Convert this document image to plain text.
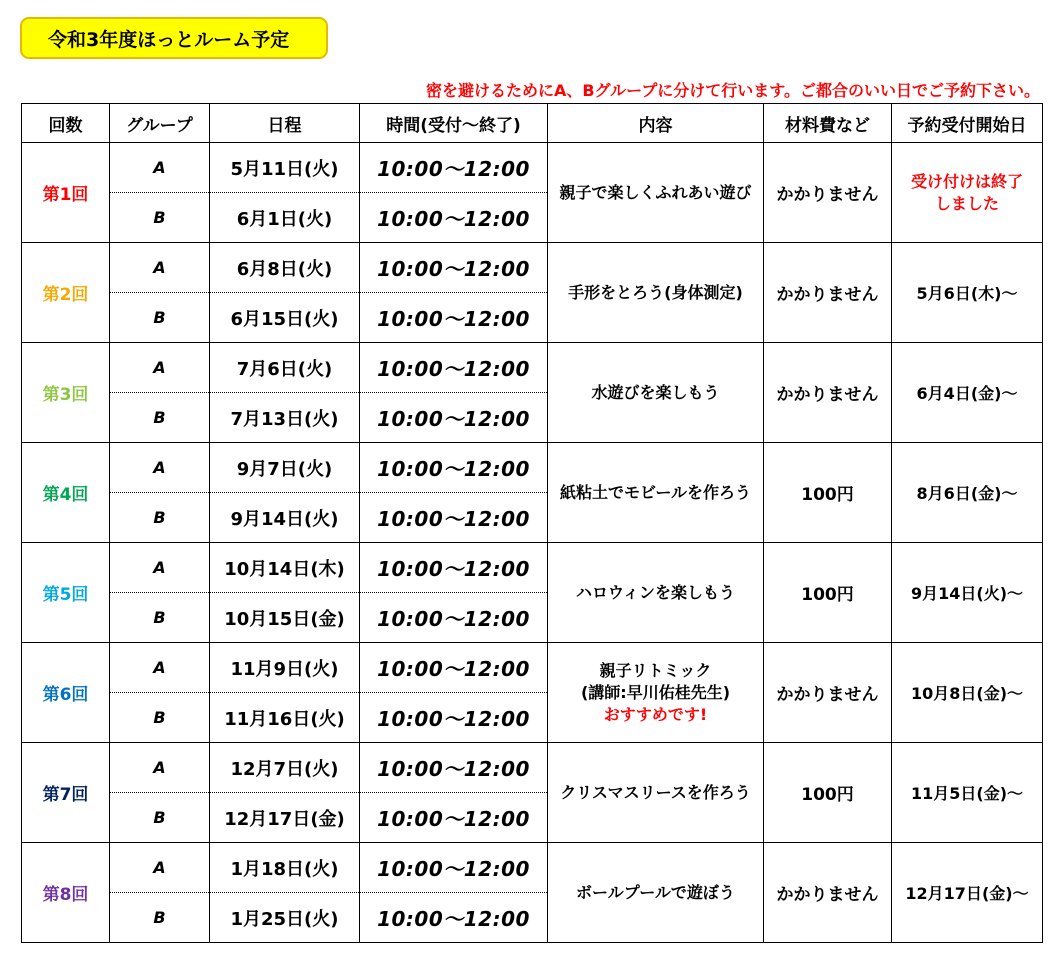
令和3年度ほっとルーム予定
密を避けるためにA、Bグループに分けて行います。ご都合のいい日でご予約下さい。
回数	グループ	日程	時間(受付～終了)	内容	材料費など	予約受付開始日
第1回	A	5月11日(火)	10:00～12:00	親子で楽しくふれあい遊び	かかりません	受け付けは終了しました

	B	6月1日(火)	10:00～12:00			
第2回	A	6月8日(火)	10:00～12:00	手形をとろう(身体測定)	かかりません	5月6日(木)～
	B	6月15日(火)	10:00～12:00			
第3回	A	7月6日(火)	10:00～12:00	水遊びを楽しもう	かかりません	6月4日(金)～
	B	7月13日(火)	10:00～12:00			
第4回	A	9月7日(火)	10:00～12:00	紙粘土でモビールを作ろう	100円	8月6日(金)～
	B	9月14日(火)	10:00～12:00			
第5回	A	10月14日(木)	10:00～12:00	ハロウィンを楽しもう	100円	9月14日(火)～
	B	10月15日(金)	10:00～12:00			
第6回	A	11月9日(火)	10:00～12:00	親子リトミック
(講師:早川佑桂先生)
おすすめです!	かかりません	10月8日(金)～
	B	11月16日(火)	10:00～12:00			
第7回	A	12月7日(火)	10:00～12:00	クリスマスリースを作ろう	100円	11月5日(金)～
	B	12月17日(金)	10:00～12:00			
第8回	A	1月18日(火)	10:00～12:00	ボールプールで遊ぼう	かかりません	12月17日(金)～
	B	1月25日(火)	10:00～12:00			
